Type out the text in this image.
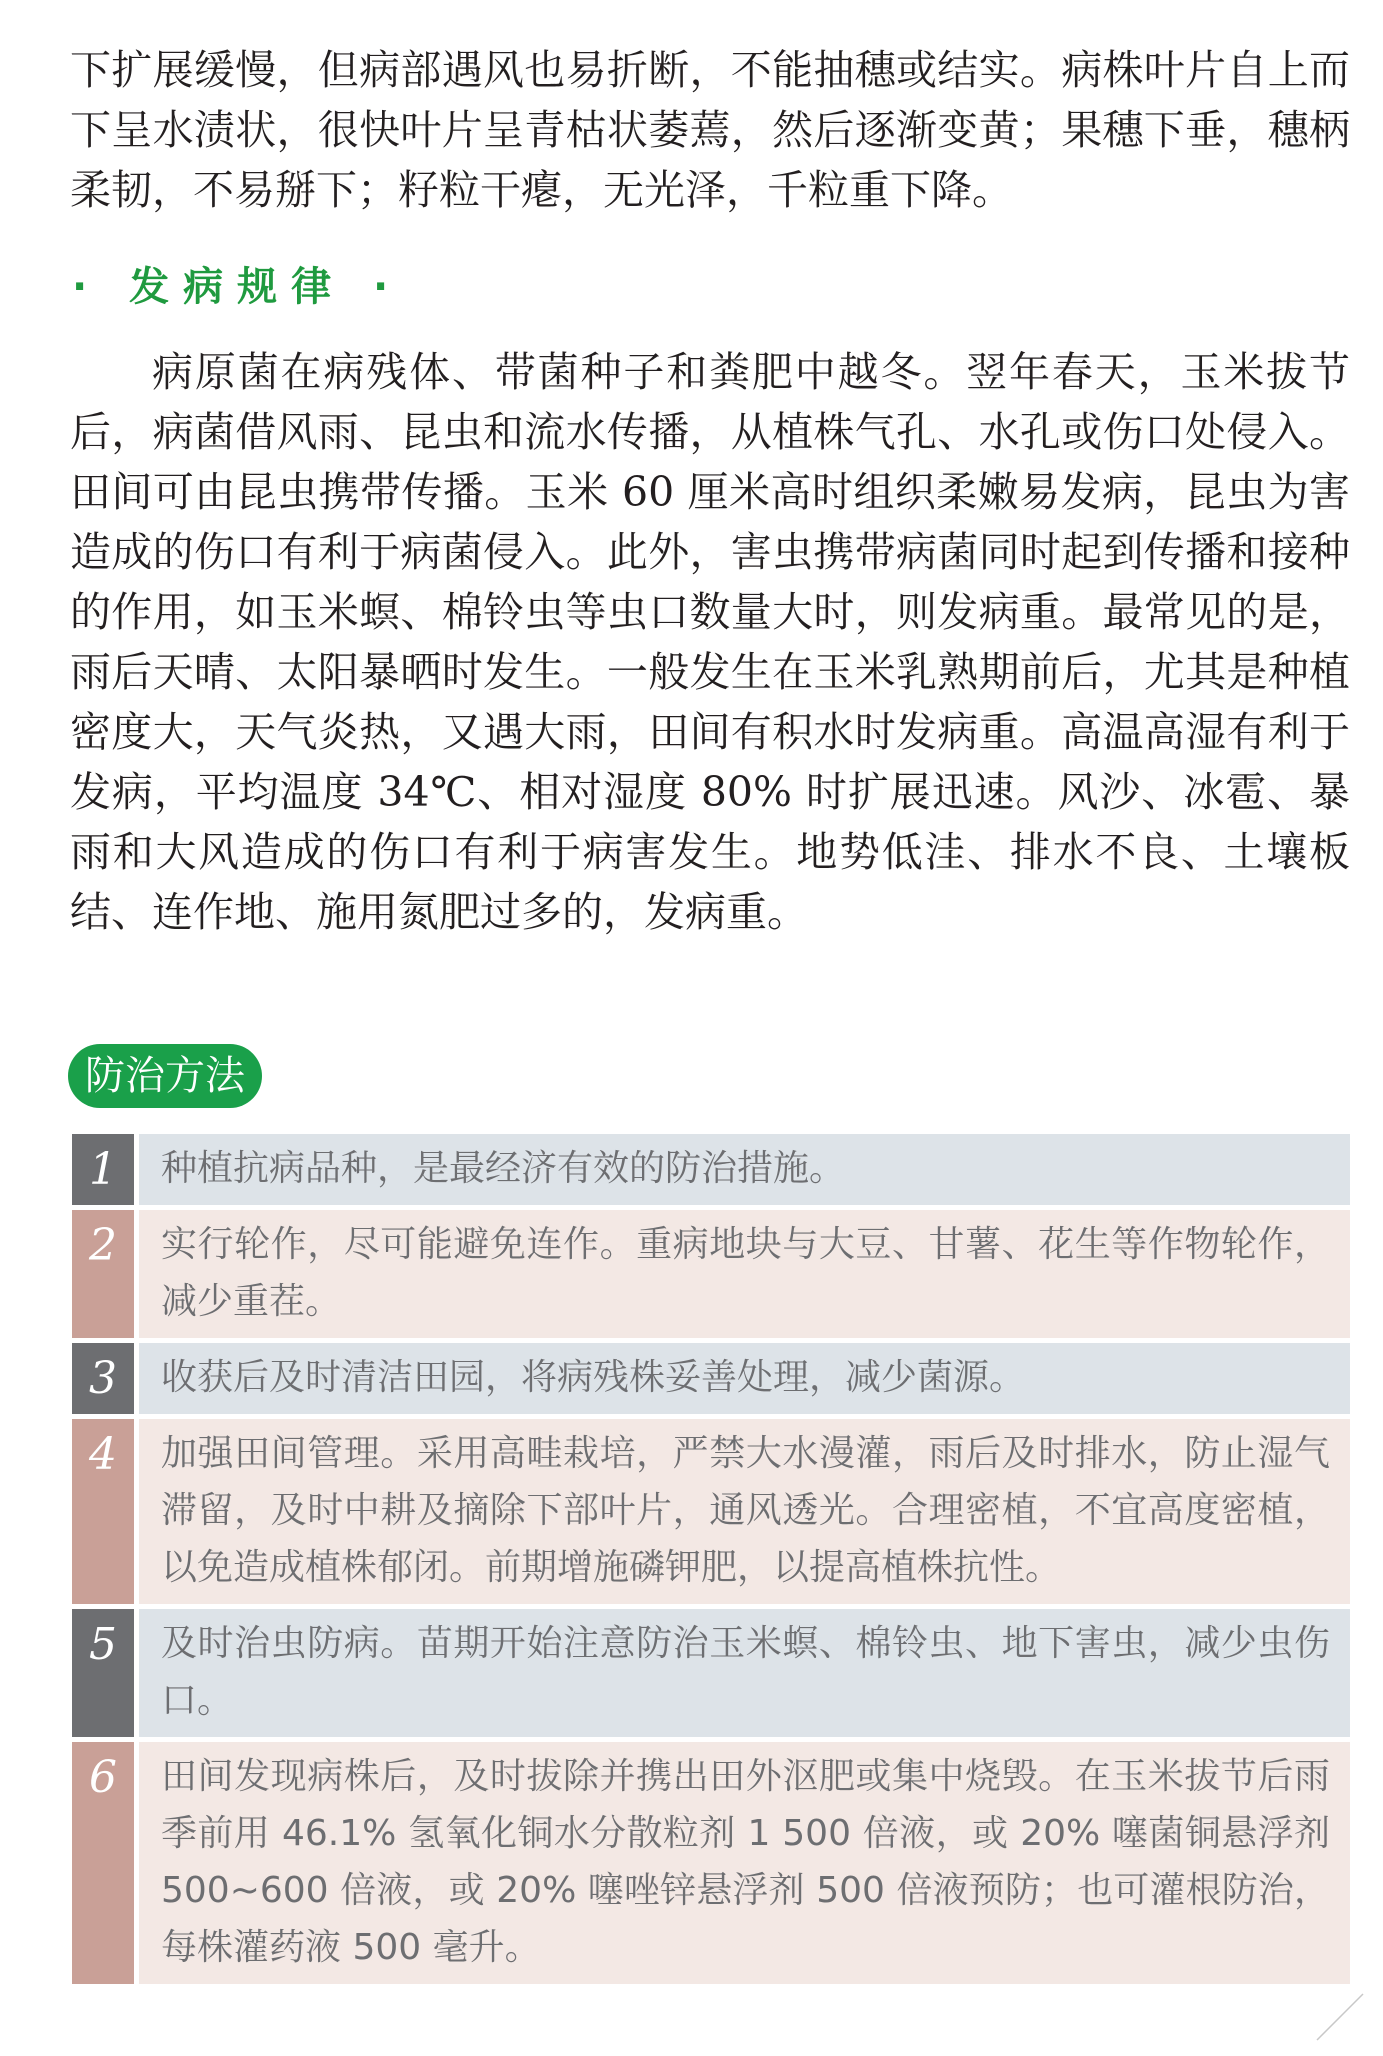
下扩展缓慢，但病部遇风也易折断，不能抽穗或结实。病株叶片自上而下呈水渍状，很快叶片呈青枯状萎蔫，然后逐渐变黄；果穗下垂，穗柄柔韧，不易掰下；籽粒干瘪，无光泽，千粒重下降。

· 发病规律 ·

病原菌在病残体、带菌种子和粪肥中越冬。翌年春天，玉米拔节后，病菌借风雨、昆虫和流水传播，从植株气孔、水孔或伤口处侵入。田间可由昆虫携带传播。玉米 60 厘米高时组织柔嫩易发病，昆虫为害造成的伤口有利于病菌侵入。此外，害虫携带病菌同时起到传播和接种的作用，如玉米螟、棉铃虫等虫口数量大时，则发病重。最常见的是，雨后天晴、太阳暴晒时发生。一般发生在玉米乳熟期前后，尤其是种植密度大，天气炎热，又遇大雨，田间有积水时发病重。高温高湿有利于发病，平均温度 34℃、相对湿度 80% 时扩展迅速。风沙、冰雹、暴雨和大风造成的伤口有利于病害发生。地势低洼、排水不良、土壤板结、连作地、施用氮肥过多的，发病重。

防治方法
1	种植抗病品种，是最经济有效的防治措施。
2	实行轮作，尽可能避免连作。重病地块与大豆、甘薯、花生等作物轮作，减少重茬。
3	收获后及时清洁田园，将病残株妥善处理，减少菌源。
4	加强田间管理。采用高畦栽培，严禁大水漫灌，雨后及时排水，防止湿气滞留，及时中耕及摘除下部叶片，通风透光。合理密植，不宜高度密植，以免造成植株郁闭。前期增施磷钾肥，以提高植株抗性。
5	及时治虫防病。苗期开始注意防治玉米螟、棉铃虫、地下害虫，减少虫伤口。
6	田间发现病株后，及时拔除并携出田外沤肥或集中烧毁。在玉米拔节后雨季前用 46.1% 氢氧化铜水分散粒剂 1 500 倍液，或 20% 噻菌铜悬浮剂 500~600 倍液，或 20% 噻唑锌悬浮剂 500 倍液预防；也可灌根防治，每株灌药液 500 毫升。
